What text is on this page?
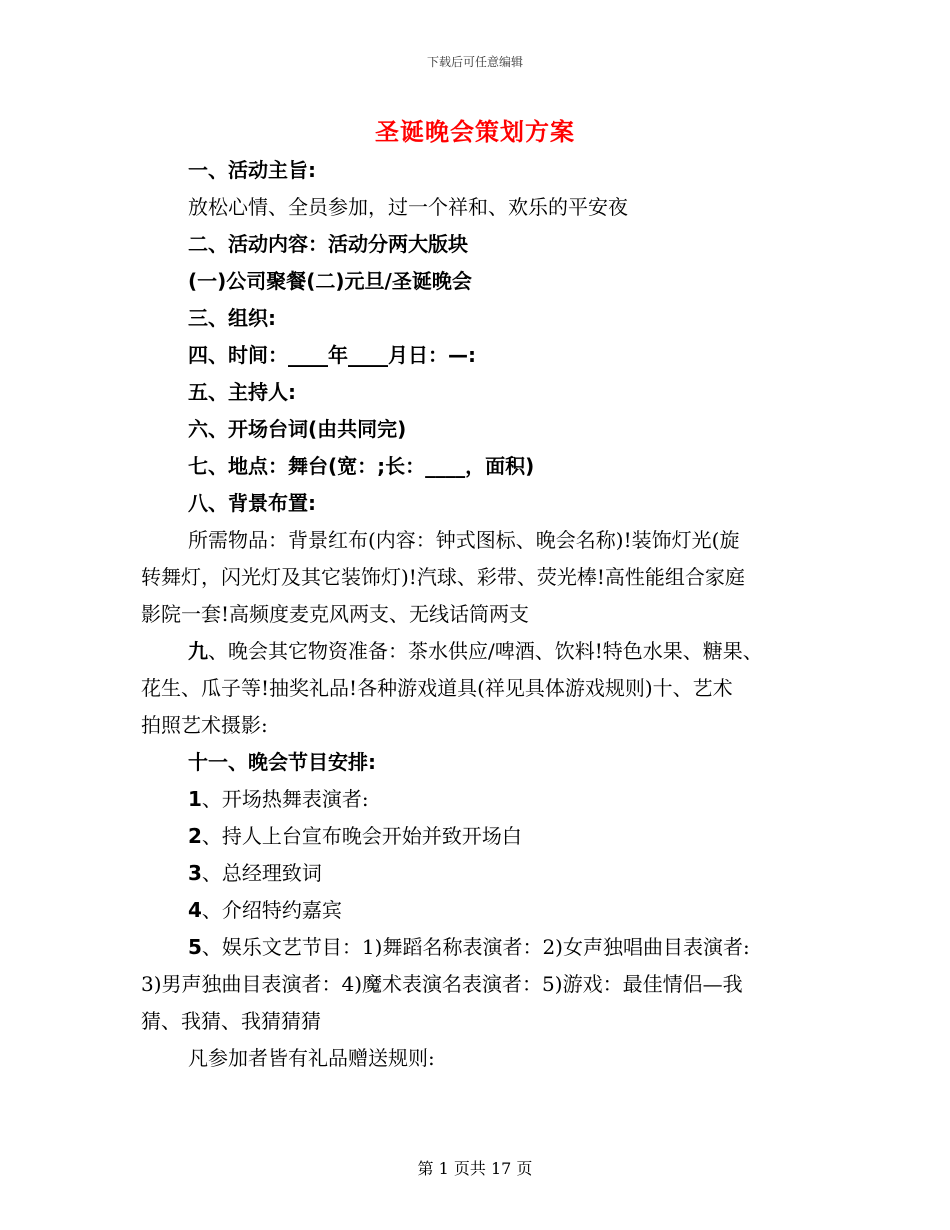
下载后可任意编辑
圣诞晚会策划方案
一、活动主旨:
放松心情、全员参加，过一个祥和、欢乐的平安夜
二、活动内容：活动分两大版块
(一)公司聚餐(二)元旦/圣诞晚会
三、组织:
四、时间：____年____月日：—:
五、主持人:
六、开场台词(由共同完)
七、地点：舞台(宽：;长：____，面积)
八、背景布置:
所需物品：背景红布(内容：钟式图标、晚会名称)!装饰灯光(旋
转舞灯，闪光灯及其它装饰灯)!汽球、彩带、荧光棒!高性能组合家庭
影院一套!高频度麦克风两支、无线话筒两支
九、晚会其它物资准备：茶水供应/啤酒、饮料!特色水果、糖果、
花生、瓜子等!抽奖礼品!各种游戏道具(祥见具体游戏规则)十、艺术
拍照艺术摄影:
十一、晚会节目安排:
1、开场热舞表演者:
2、持人上台宣布晚会开始并致开场白
3、总经理致词
4、介绍特约嘉宾
5、娱乐文艺节目：1)舞蹈名称表演者：2)女声独唱曲目表演者:
3)男声独曲目表演者：4)魔术表演名表演者：5)游戏：最佳情侣—我
猜、我猜、我猜猜猜
凡参加者皆有礼品赠送规则:
第 1 页共 17 页
